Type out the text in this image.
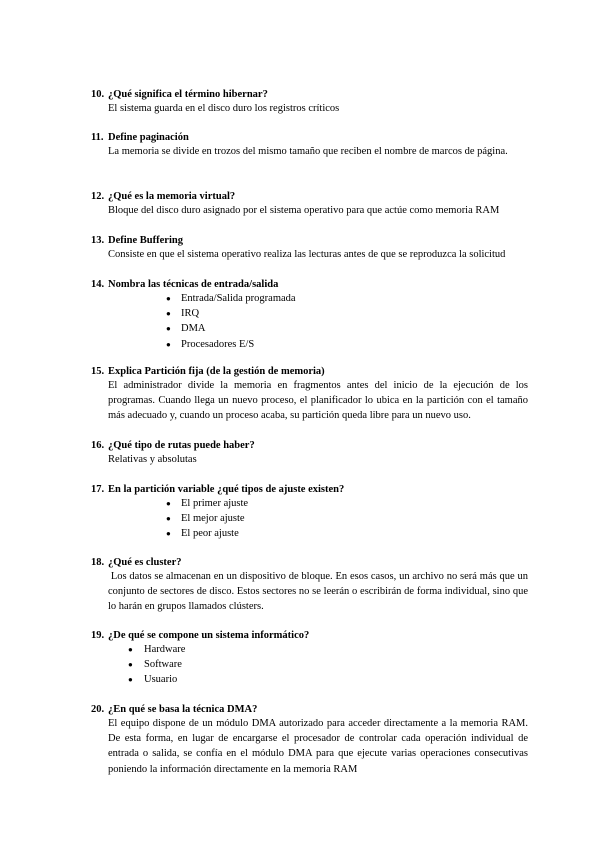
10. ¿Qué significa el término hibernar?
El sistema guarda en el disco duro los registros críticos
11. Define paginación
La memoria se divide en trozos del mismo tamaño que reciben el nombre de marcos de página.
12. ¿Qué es la memoria virtual?
Bloque del disco duro asignado por el sistema operativo para que actúe como memoria RAM
13. Define Buffering
Consiste en que el sistema operativo realiza las lecturas antes de que se reproduzca la solicitud
14. Nombra las técnicas de entrada/salida
● Entrada/Salida programada
● IRQ
● DMA
● Procesadores E/S
15. Explica Partición fija (de la gestión de memoria)
El administrador divide la memoria en fragmentos antes del inicio de la ejecución de los programas. Cuando llega un nuevo proceso, el planificador lo ubica en la partición con el tamaño más adecuado y, cuando un proceso acaba, su partición queda libre para un nuevo uso.
16. ¿Qué tipo de rutas puede haber?
Relativas y absolutas
17. En la partición variable ¿qué tipos de ajuste existen?
● El primer ajuste
● El mejor ajuste
● El peor ajuste
18. ¿Qué es cluster?
Los datos se almacenan en un dispositivo de bloque. En esos casos, un archivo no será más que un conjunto de sectores de disco. Estos sectores no se leerán o escribirán de forma individual, sino que lo harán en grupos llamados clústers.
19. ¿De qué se compone un sistema informático?
● Hardware
● Software
● Usuario
20. ¿En qué se basa la técnica DMA?
El equipo dispone de un módulo DMA autorizado para acceder directamente a la memoria RAM. De esta forma, en lugar de encargarse el procesador de controlar cada operación individual de entrada o salida, se confía en el módulo DMA para que ejecute varias operaciones consecutivas poniendo la información directamente en la memoria RAM
